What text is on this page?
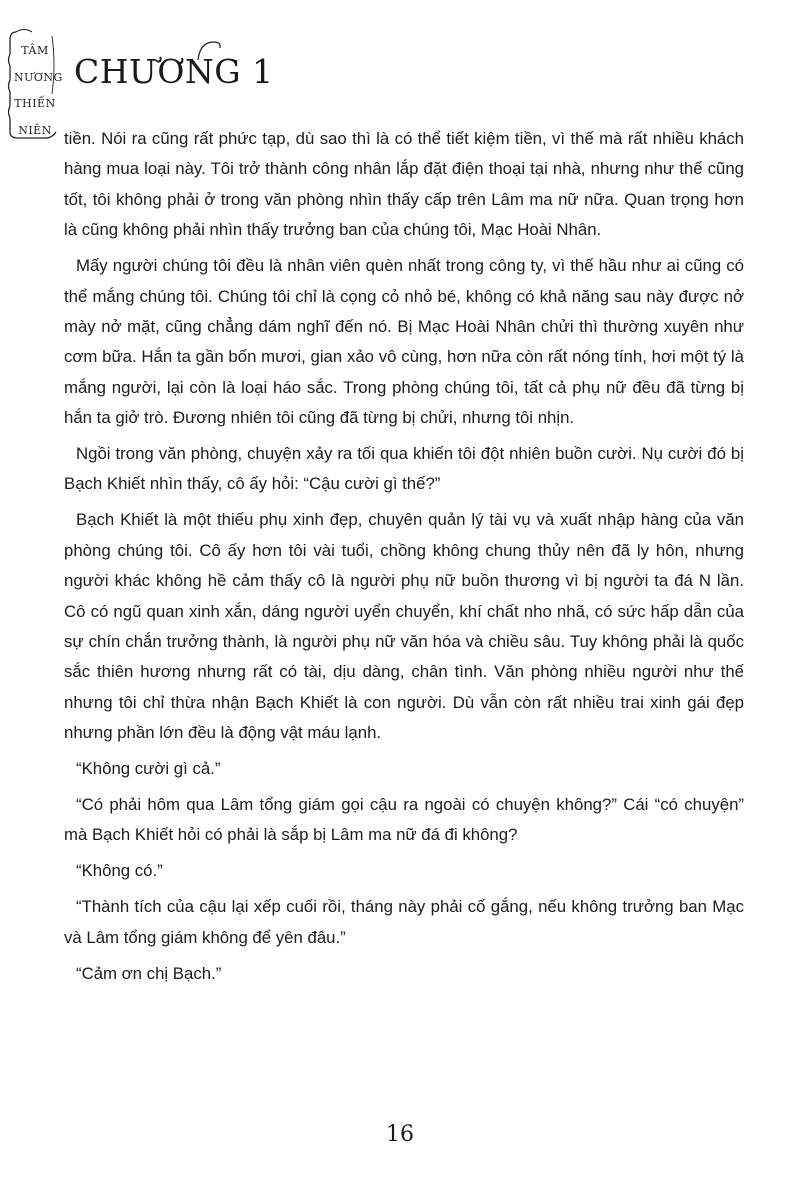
TÂM
NƯƠNG
THIẾN
NIÊN
CHƯƠNG 1

tiền. Nói ra cũng rất phức tạp, dù sao thì là có thể tiết kiệm tiền, vì thế mà rất nhiều khách hàng mua loại này. Tôi trở thành công nhân lắp đặt điện thoại tại nhà, nhưng như thế cũng tốt, tôi không phải ở trong văn phòng nhìn thấy cấp trên Lâm ma nữ nữa. Quan trọng hơn là cũng không phải nhìn thấy trưởng ban của chúng tôi, Mạc Hoài Nhân.

Mấy người chúng tôi đều là nhân viên quèn nhất trong công ty, vì thế hầu như ai cũng có thể mắng chúng tôi. Chúng tôi chỉ là cọng cỏ nhỏ bé, không có khả năng sau này được nở mày nở mặt, cũng chẳng dám nghĩ đến nó. Bị Mạc Hoài Nhân chửi thì thường xuyên như cơm bữa. Hắn ta gần bốn mươi, gian xảo vô cùng, hơn nữa còn rất nóng tính, hơi một tý là mắng người, lại còn là loại háo sắc. Trong phòng chúng tôi, tất cả phụ nữ đều đã từng bị hắn ta giở trò. Đương nhiên tôi cũng đã từng bị chửi, nhưng tôi nhịn.

Ngồi trong văn phòng, chuyện xảy ra tối qua khiến tôi đột nhiên buồn cười. Nụ cười đó bị Bạch Khiết nhìn thấy, cô ấy hỏi: “Cậu cười gì thế?”

Bạch Khiết là một thiếu phụ xinh đẹp, chuyên quản lý tài vụ và xuất nhập hàng của văn phòng chúng tôi. Cô ấy hơn tôi vài tuổi, chồng không chung thủy nên đã ly hôn, nhưng người khác không hề cảm thấy cô là người phụ nữ buồn thương vì bị người ta đá N lần. Cô có ngũ quan xinh xắn, dáng người uyển chuyển, khí chất nho nhã, có sức hấp dẫn của sự chín chắn trưởng thành, là người phụ nữ văn hóa và chiều sâu. Tuy không phải là quốc sắc thiên hương nhưng rất có tài, dịu dàng, chân tình. Văn phòng nhiều người như thế nhưng tôi chỉ thừa nhận Bạch Khiết là con người. Dù vẫn còn rất nhiều trai xinh gái đẹp nhưng phần lớn đều là động vật máu lạnh.

“Không cười gì cả.”

“Có phải hôm qua Lâm tổng giám gọi cậu ra ngoài có chuyện không?” Cái “có chuyện” mà Bạch Khiết hỏi có phải là sắp bị Lâm ma nữ đá đi không?

“Không có.”

“Thành tích của cậu lại xếp cuối rồi, tháng này phải cố gắng, nếu không trưởng ban Mạc và Lâm tổng giám không để yên đâu.”

“Cảm ơn chị Bạch.”

16
